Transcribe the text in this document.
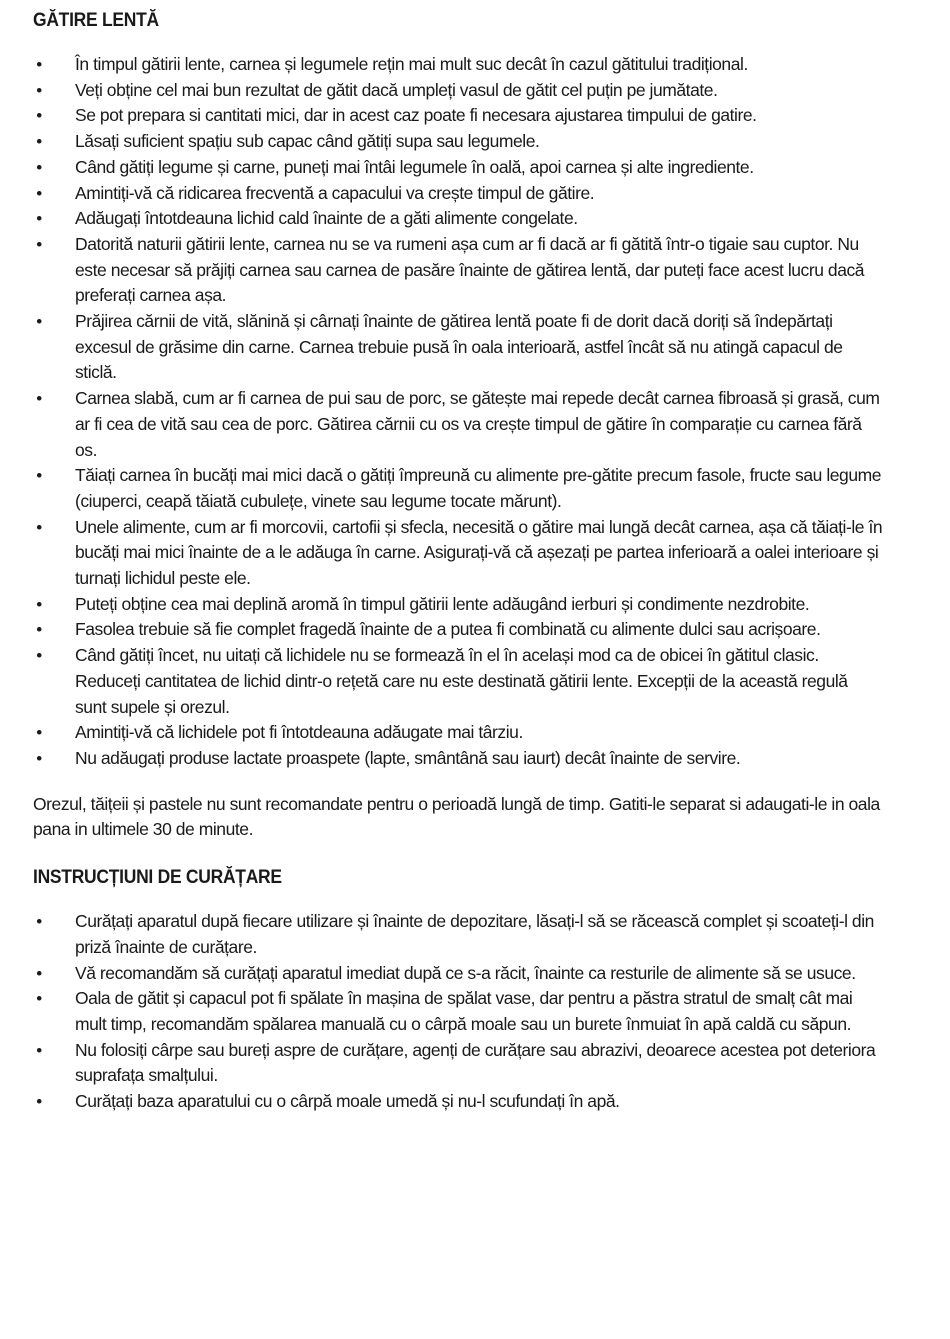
GĂTIRE LENTĂ
• În timpul gătirii lente, carnea și legumele rețin mai mult suc decât în cazul gătitului tradițional.
• Veți obține cel mai bun rezultat de gătit dacă umpleți vasul de gătit cel puțin pe jumătate.
• Se pot prepara si cantitati mici, dar in acest caz poate fi necesara ajustarea timpului de gatire.
• Lăsați suficient spațiu sub capac când gătiți supa sau legumele.
• Când gătiți legume și carne, puneți mai întâi legumele în oală, apoi carnea și alte ingrediente.
• Amintiți-vă că ridicarea frecventă a capacului va crește timpul de gătire.
• Adăugați întotdeauna lichid cald înainte de a găti alimente congelate.
• Datorită naturii gătirii lente, carnea nu se va rumeni așa cum ar fi dacă ar fi gătită într-o tigaie sau cuptor. Nu este necesar să prăjiți carnea sau carnea de pasăre înainte de gătirea lentă, dar puteți face acest lucru dacă preferați carnea așa.
• Prăjirea cărnii de vită, slănină și cârnați înainte de gătirea lentă poate fi de dorit dacă doriți să îndepărtați excesul de grăsime din carne. Carnea trebuie pusă în oala interioară, astfel încât să nu atingă capacul de sticlă.
• Carnea slabă, cum ar fi carnea de pui sau de porc, se gătește mai repede decât carnea fibroasă și grasă, cum ar fi cea de vită sau cea de porc. Gătirea cărnii cu os va crește timpul de gătire în comparație cu carnea fără os.
• Tăiați carnea în bucăți mai mici dacă o gătiți împreună cu alimente pre-gătite precum fasole, fructe sau legume (ciuperci, ceapă tăiată cubulețe, vinete sau legume tocate mărunt).
• Unele alimente, cum ar fi morcovii, cartofii și sfecla, necesită o gătire mai lungă decât carnea, așa că tăiați-le în bucăți mai mici înainte de a le adăuga în carne. Asigurați-vă că așezați pe partea inferioară a oalei interioare și turnați lichidul peste ele.
• Puteți obține cea mai deplină aromă în timpul gătirii lente adăugând ierburi și condimente nezdrobite.
• Fasolea trebuie să fie complet fragedă înainte de a putea fi combinată cu alimente dulci sau acrișoare.
• Când gătiți încet, nu uitați că lichidele nu se formează în el în același mod ca de obicei în gătitul clasic. Reduceți cantitatea de lichid dintr-o rețetă care nu este destinată gătirii lente. Excepții de la această regulă sunt supele și orezul.
• Amintiți-vă că lichidele pot fi întotdeauna adăugate mai târziu.
• Nu adăugați produse lactate proaspete (lapte, smântână sau iaurt) decât înainte de servire.

Orezul, tăițeii și pastele nu sunt recomandate pentru o perioadă lungă de timp. Gatiti-le separat si adaugati-le in oala pana in ultimele 30 de minute.

INSTRUCȚIUNI DE CURĂȚARE
• Curățați aparatul după fiecare utilizare și înainte de depozitare, lăsați-l să se răcească complet și scoateți-l din priză înainte de curățare.
• Vă recomandăm să curățați aparatul imediat după ce s-a răcit, înainte ca resturile de alimente să se usuce.
• Oala de gătit și capacul pot fi spălate în mașina de spălat vase, dar pentru a păstra stratul de smalț cât mai mult timp, recomandăm spălarea manuală cu o cârpă moale sau un burete înmuiat în apă caldă cu săpun.
• Nu folosiți cârpe sau bureți aspre de curățare, agenți de curățare sau abrazivi, deoarece acestea pot deteriora suprafața smalțului.
• Curățați baza aparatului cu o cârpă moale umedă și nu-l scufundați în apă.
